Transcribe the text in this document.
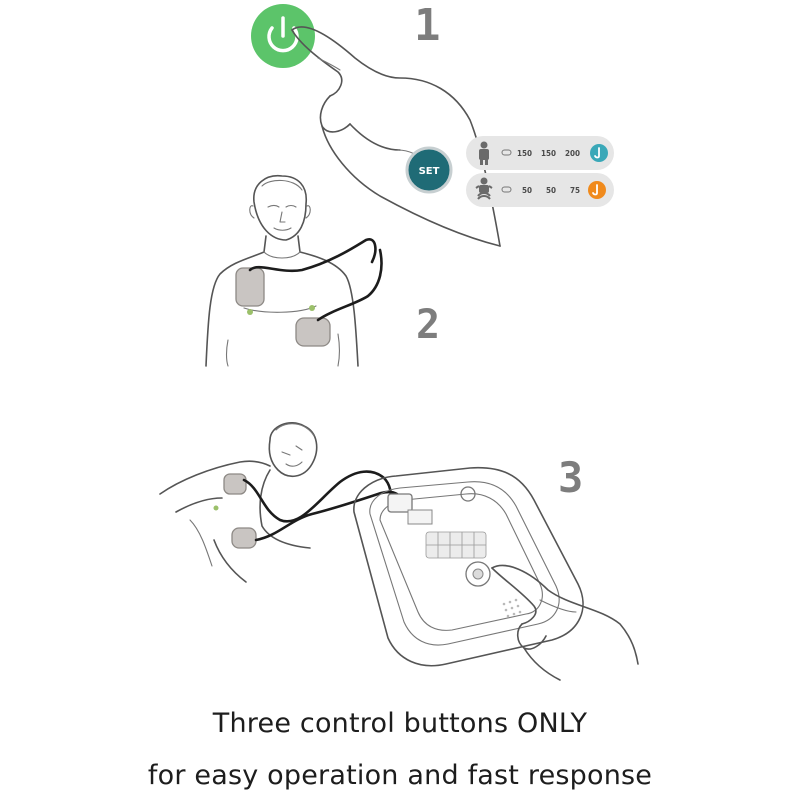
1
SET
150 150 200
50 50 75
2
3
Three control buttons ONLY
for easy operation and fast response
